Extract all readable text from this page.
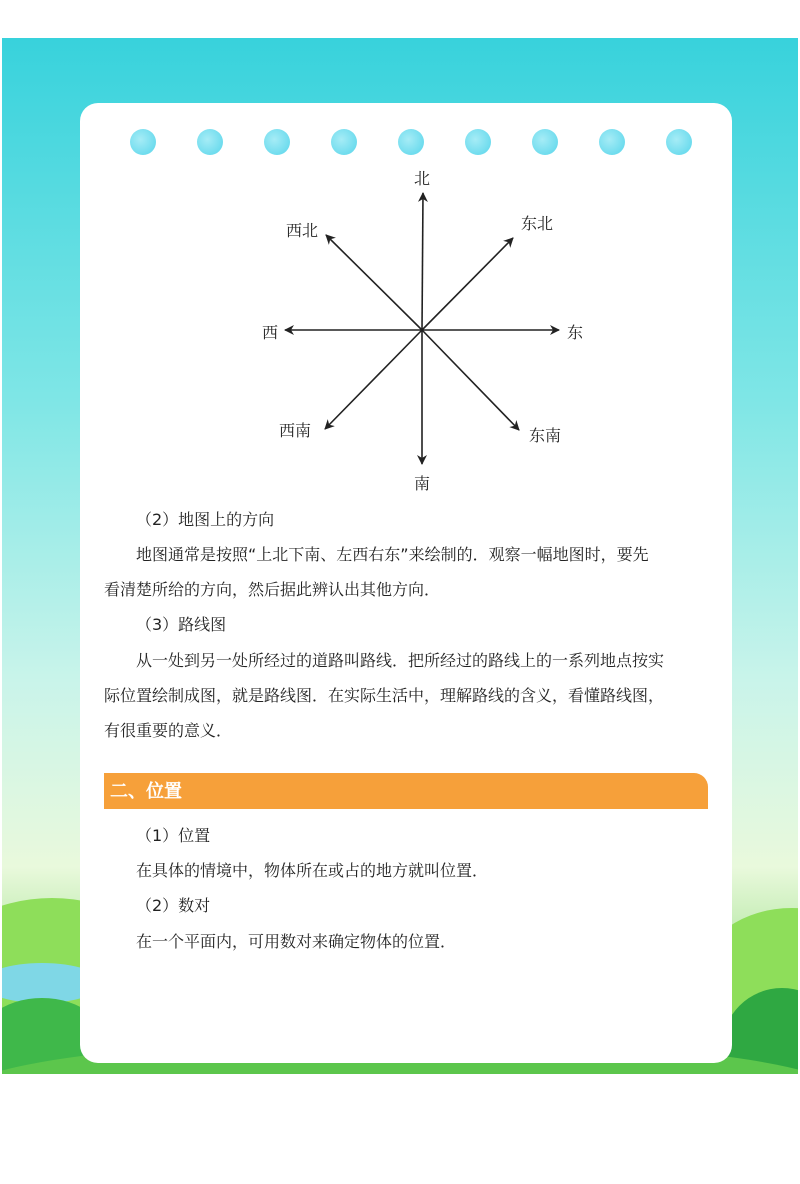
北
东北
东
东南
南
西南
西
西北
（2）地图上的方向
地图通常是按照“上北下南、左西右东”来绘制的．观察一幅地图时，要先
看清楚所给的方向，然后据此辨认出其他方向．
（3）路线图
从一处到另一处所经过的道路叫路线．把所经过的路线上的一系列地点按实
际位置绘制成图，就是路线图．在实际生活中，理解路线的含义，看懂路线图，
有很重要的意义．
二、位置
（1）位置
在具体的情境中，物体所在或占的地方就叫位置．
（2）数对
在一个平面内，可用数对来确定物体的位置．
